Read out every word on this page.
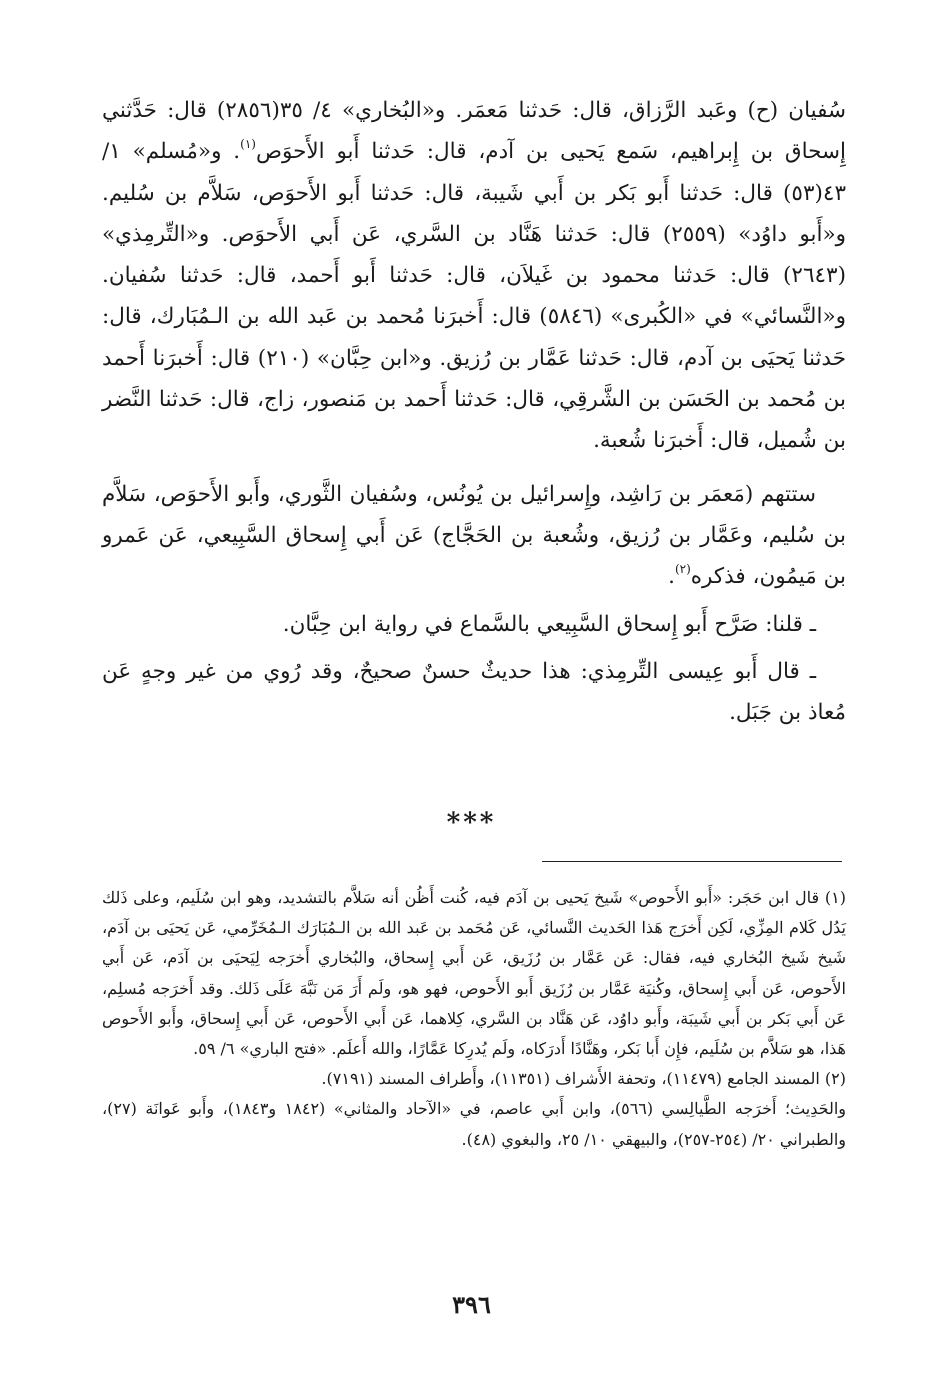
سُفيان (ح) وعَبد الرَّزاق، قال: حَدثنا مَعمَر. و«البُخاري» ٤/ ٣٥(٢٨٥٦) قال: حَدَّثني إِسحاق بن إِبراهيم، سَمع يَحيى بن آدم، قال: حَدثنا أَبو الأَحوَص$^{(١)}$. و«مُسلم» ١/ ٤٣(٥٣) قال: حَدثنا أَبو بَكر بن أَبي شَيبة، قال: حَدثنا أَبو الأَحوَص، سَلاَّم بن سُليم. و«أَبو داوُد» (٢٥٥٩) قال: حَدثنا هَنَّاد بن السَّري، عَن أَبي الأَحوَص. و«التِّرمِذي» (٢٦٤٣) قال: حَدثنا محمود بن غَيلاَن، قال: حَدثنا أَبو أَحمد، قال: حَدثنا سُفيان. و«النَّسائي» في «الكُبرى» (٥٨٤٦) قال: أَخبرَنا مُحمد بن عَبد الله بن الـمُبَارك، قال: حَدثنا يَحيَى بن آدم، قال: حَدثنا عَمَّار بن رُزيق. و«ابن حِبَّان» (٢١٠) قال: أَخبرَنا أَحمد بن مُحمد بن الحَسَن بن الشَّرقِي، قال: حَدثنا أَحمد بن مَنصور، زاج، قال: حَدثنا النَّضر بن شُميل، قال: أَخبرَنا شُعبة.

ستتهم (مَعمَر بن رَاشِد، وإِسرائيل بن يُونُس، وسُفيان الثَّوري، وأَبو الأَحوَص، سَلاَّم بن سُليم، وعَمَّار بن رُزيق، وشُعبة بن الحَجَّاج) عَن أَبي إِسحاق السَّبِيعي، عَن عَمرو بن مَيمُون، فذكره$^{(٢)}$.

ـ قلنا: صَرَّح أَبو إِسحاق السَّبِيعي بالسَّماع في رواية ابن حِبَّان.

ـ قال أَبو عِيسى التِّرمِذي: هذا حديثٌ حسنٌ صحيحٌ، وقد رُوي من غير وجهٍ عَن مُعاذ بن جَبَل.

***

(١) قال ابن حَجَر: «أَبو الأَحوص» شَيخ يَحيى بن آدَم فيه، كُنت أَظُن أنه سَلاَّم بالتشديد، وهو ابن سُلَيم، وعلى ذَلك يَدُل كَلام المِزِّي، لَكِن أَخرَج هَذا الحَديث النَّسائي، عَن مُحَمد بن عَبد الله بن الـمُبَارَك الـمُخَرِّمي، عَن يَحيَى بن آدَم، شَيخ شَيخ البُخاري فيه، فقال: عَن عَمَّار بن رُزَيق، عَن أَبي إِسحاق، والبُخاري أَخرَجه لِيَحيَى بن آدَم، عَن أَبي الأَحوص، عَن أَبي إِسحاق، وكُنيَة عَمَّار بن رُزَيق أَبو الأَحوص، فهو هو، ولَم أَرَ مَن نَبَّهَ عَلَى ذَلك. وقد أَخرَجه مُسلِم، عَن أَبي بَكر بن أَبي شَيبَة، وأَبو داوُد، عَن هَنَّاد بن السَّري، كِلاهما، عَن أَبي الأَحوص، عَن أَبي إِسحاق، وأَبو الأَحوص هَذا، هو سَلاَّم بن سُلَيم، فإِن أَبا بَكر، وهَنَّادًا أَدرَكاه، ولَم يُدرِكا عَمَّارًا، والله أَعلَم. «فتح الباري» ٦/ ٥٩.

(٢) المسند الجامع (١١٤٧٩)، وتحفة الأَشراف (١١٣٥١)، وأَطراف المسند (٧١٩١).

والحَدِيث؛ أَخرَجه الطَّيالِسي (٥٦٦)، وابن أَبي عاصم، في «الآحاد والمثاني» (١٨٤٢ و١٨٤٣)، وأَبو عَوانَة (٢٧)، والطبراني ٢٠/ (٢٥٤-٢٥٧)، والبيهقي ١٠/ ٢٥، والبغوي (٤٨).

٣٩٦
